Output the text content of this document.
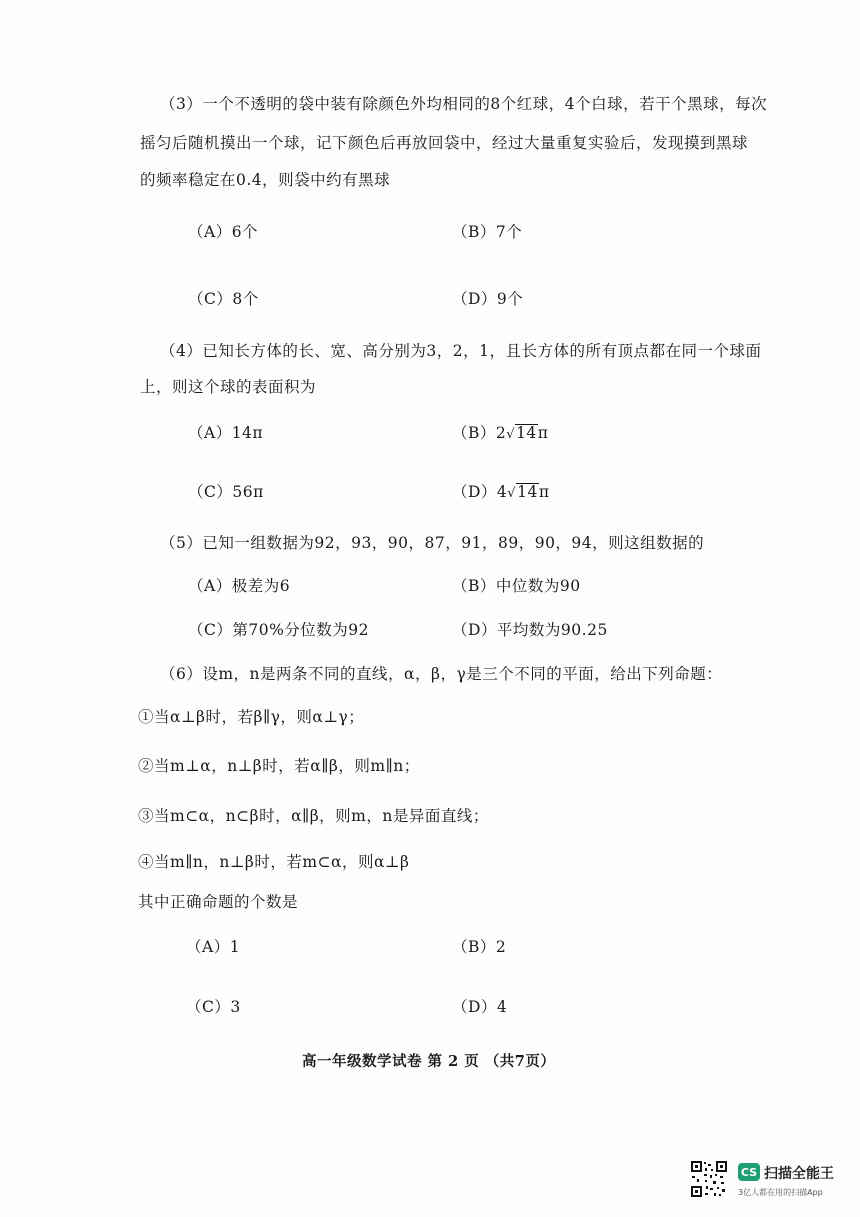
（3）一个不透明的袋中装有除颜色外均相同的8个红球，4个白球，若干个黑球，每次
摇匀后随机摸出一个球，记下颜色后再放回袋中，经过大量重复实验后，发现摸到黑球
的频率稳定在0.4，则袋中约有黑球
（A）6个	（B）7个
（C）8个	（D）9个
（4）已知长方体的长、宽、高分别为3，2，1，且长方体的所有顶点都在同一个球面
上，则这个球的表面积为
（A）14π	（B）2√14π
（C）56π	（D）4√14π
（5）已知一组数据为92，93，90，87，91，89，90，94，则这组数据的
（A）极差为6	（B）中位数为90
（C）第70%分位数为92	（D）平均数为90.25
（6）设m，n是两条不同的直线，α，β，γ是三个不同的平面，给出下列命题：
①当α⊥β时，若β∥γ，则α⊥γ；
②当m⊥α，n⊥β时，若α∥β，则m∥n；
③当m⊂α，n⊂β时，α∥β，则m，n是异面直线；
④当m∥n，n⊥β时，若m⊂α，则α⊥β
其中正确命题的个数是
（A）1	（B）2
（C）3	（D）4
高一年级数学试卷 第 2 页 （共7页）
CS 扫描全能王
3亿人都在用的扫描App
